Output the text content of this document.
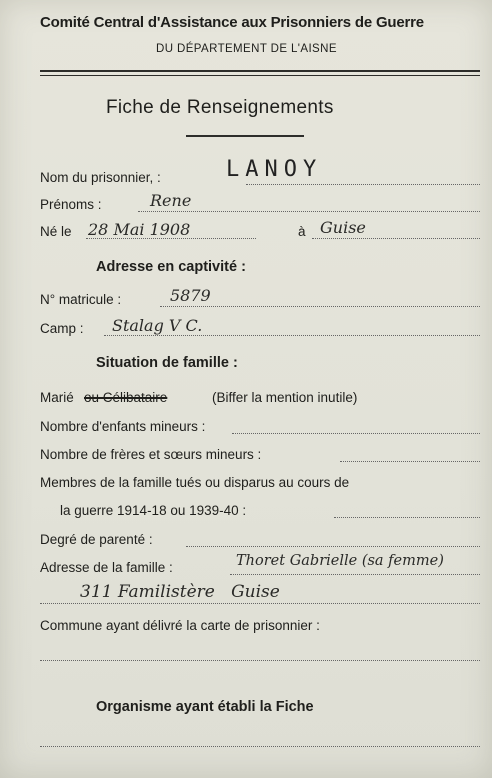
Comité Central d'Assistance aux Prisonniers de Guerre
DU DÉPARTEMENT DE L'AISNE
Fiche de Renseignements
Nom du prisonnier, :	LANOY
Prénoms :	Rene
Né le 28 Mai 1908	à Guise
Adresse en captivité :
N° matricule :	5879
Camp : Stalag V C.
Situation de famille :
Marié ou Célibataire	(Biffer la mention inutile)
Nombre d'enfants mineurs :
Nombre de frères et sœurs mineurs :
Membres de la famille tués ou disparus au cours de
la guerre 1914-18 ou 1939-40 :
Degré de parenté :
Adresse de la famille :	Thoret Gabrielle (sa femme)
311 Familistère   Guise
Commune ayant délivré la carte de prisonnier :
Organisme ayant établi la Fiche
